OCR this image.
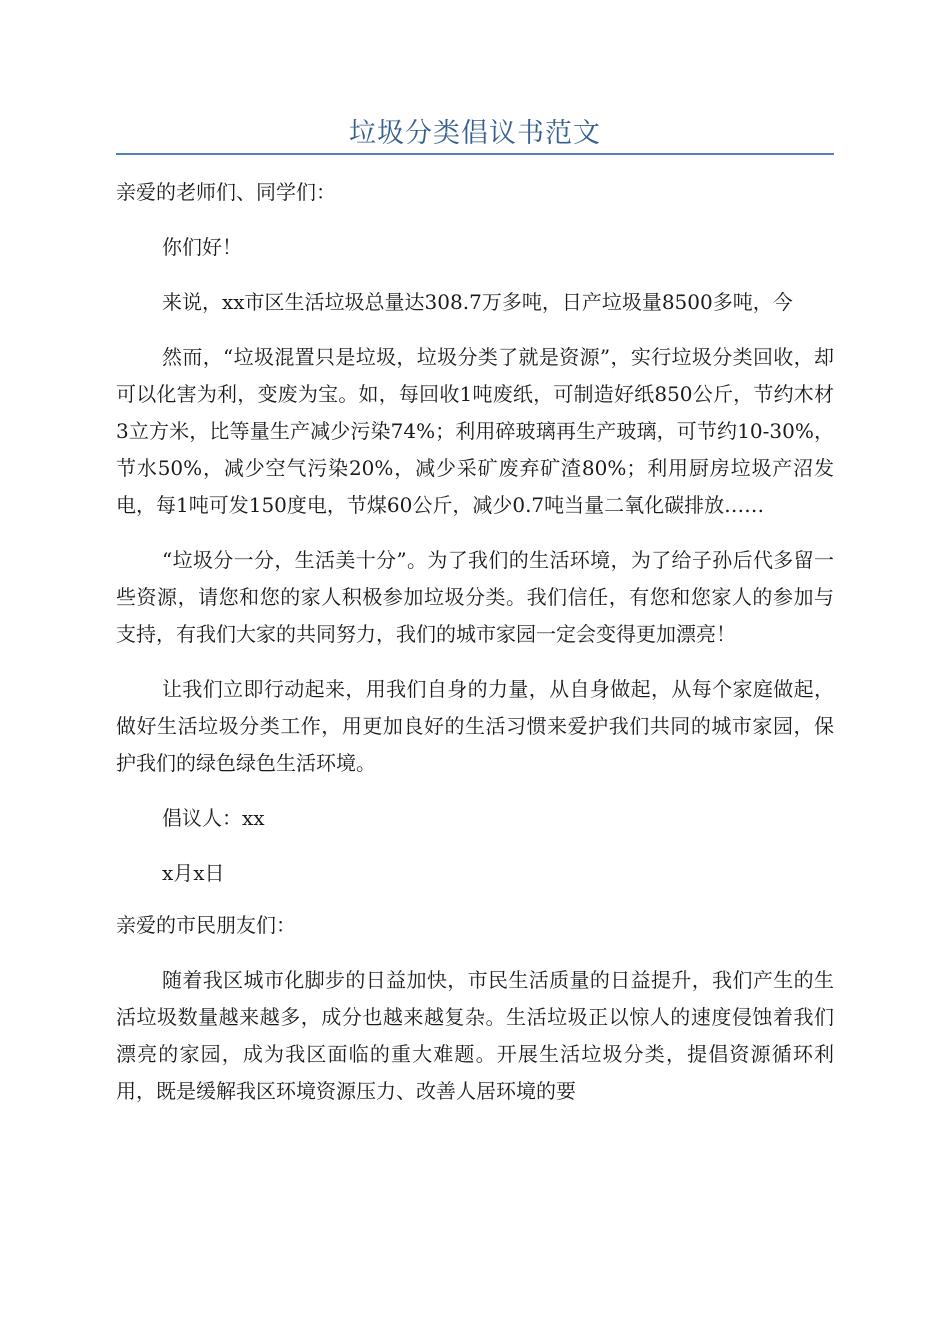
垃圾分类倡议书范文

亲爱的老师们、同学们：

你们好！

来说，xx市区生活垃圾总量达308.7万多吨，日产垃圾量8500多吨，今

然而，“垃圾混置只是垃圾，垃圾分类了就是资源”，实行垃圾分类回收，却可以化害为利，变废为宝。如，每回收1吨废纸，可制造好纸850公斤，节约木材3立方米，比等量生产减少污染74%；利用碎玻璃再生产玻璃，可节约10-30%，节水50%，减少空气污染20%，减少采矿废弃矿渣80%；利用厨房垃圾产沼发电，每1吨可发150度电，节煤60公斤，减少0.7吨当量二氧化碳排放……

“垃圾分一分，生活美十分”。为了我们的生活环境，为了给子孙后代多留一些资源，请您和您的家人积极参加垃圾分类。我们信任，有您和您家人的参加与支持，有我们大家的共同努力，我们的城市家园一定会变得更加漂亮！

让我们立即行动起来，用我们自身的力量，从自身做起，从每个家庭做起，做好生活垃圾分类工作，用更加良好的生活习惯来爱护我们共同的城市家园，保护我们的绿色绿色生活环境。

倡议人：xx

x月x日

亲爱的市民朋友们：

随着我区城市化脚步的日益加快，市民生活质量的日益提升，我们产生的生活垃圾数量越来越多，成分也越来越复杂。生活垃圾正以惊人的速度侵蚀着我们漂亮的家园，成为我区面临的重大难题。开展生活垃圾分类，提倡资源循环利用，既是缓解我区环境资源压力、改善人居环境的要
